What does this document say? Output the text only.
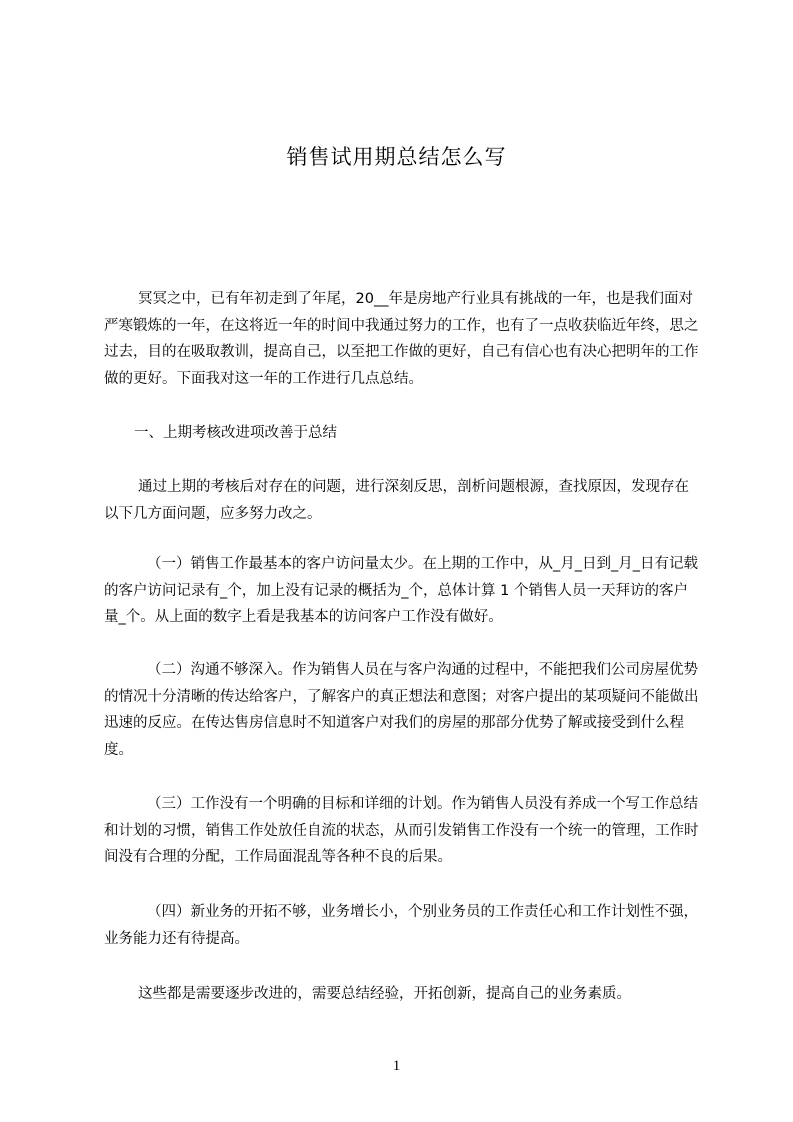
销售试用期总结怎么写

冥冥之中，已有年初走到了年尾，20__年是房地产行业具有挑战的一年，也是我们面对严寒锻炼的一年，在这将近一年的时间中我通过努力的工作，也有了一点收获临近年终，思之过去，目的在吸取教训，提高自己，以至把工作做的更好，自己有信心也有决心把明年的工作做的更好。下面我对这一年的工作进行几点总结。

一、上期考核改进项改善于总结

通过上期的考核后对存在的问题，进行深刻反思，剖析问题根源，查找原因，发现存在以下几方面问题，应多努力改之。

（一）销售工作最基本的客户访问量太少。在上期的工作中，从_月_日到_月_日有记载的客户访问记录有_个，加上没有记录的概括为_个，总体计算 1 个销售人员一天拜访的客户量_个。从上面的数字上看是我基本的访问客户工作没有做好。

（二）沟通不够深入。作为销售人员在与客户沟通的过程中，不能把我们公司房屋优势的情况十分清晰的传达给客户，了解客户的真正想法和意图；对客户提出的某项疑问不能做出迅速的反应。在传达售房信息时不知道客户对我们的房屋的那部分优势了解或接受到什么程度。

（三）工作没有一个明确的目标和详细的计划。作为销售人员没有养成一个写工作总结和计划的习惯，销售工作处放任自流的状态，从而引发销售工作没有一个统一的管理，工作时间没有合理的分配，工作局面混乱等各种不良的后果。

（四）新业务的开拓不够，业务增长小，个别业务员的工作责任心和工作计划性不强，业务能力还有待提高。

这些都是需要逐步改进的，需要总结经验，开拓创新，提高自己的业务素质。

1
